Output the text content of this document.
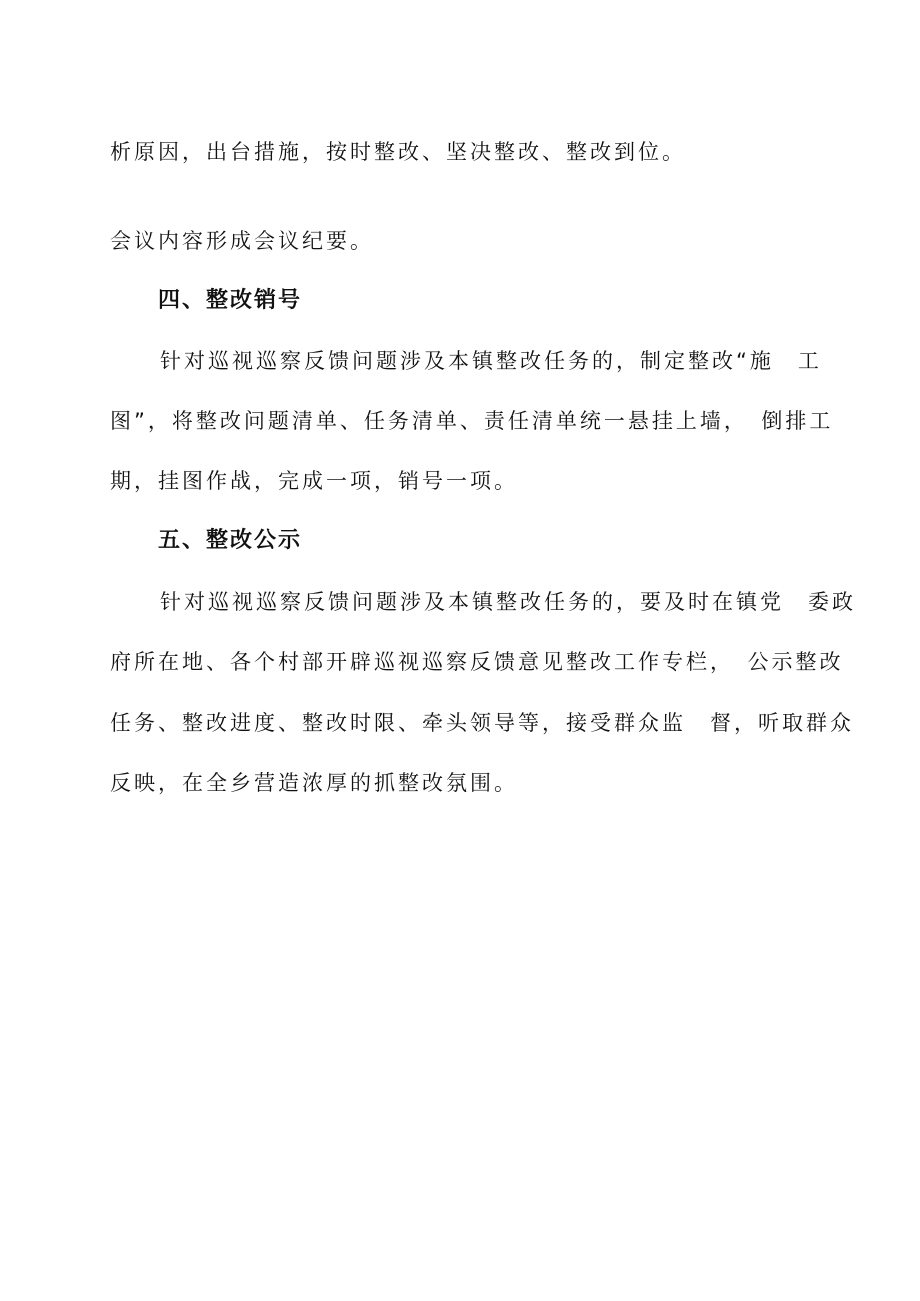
析原因，出台措施，按时整改、坚决整改、整改到位。

会议内容形成会议纪要。

四、整改销号

针对巡视巡察反馈问题涉及本镇整改任务的，制定整改“施　工

图”，将整改问题清单、任务清单、责任清单统一悬挂上墙，　倒排工

期，挂图作战，完成一项，销号一项。

五、整改公示

针对巡视巡察反馈问题涉及本镇整改任务的，要及时在镇党　委政

府所在地、各个村部开辟巡视巡察反馈意见整改工作专栏，　公示整改

任务、整改进度、整改时限、牵头领导等，接受群众监　督，听取群众

反映，在全乡营造浓厚的抓整改氛围。
